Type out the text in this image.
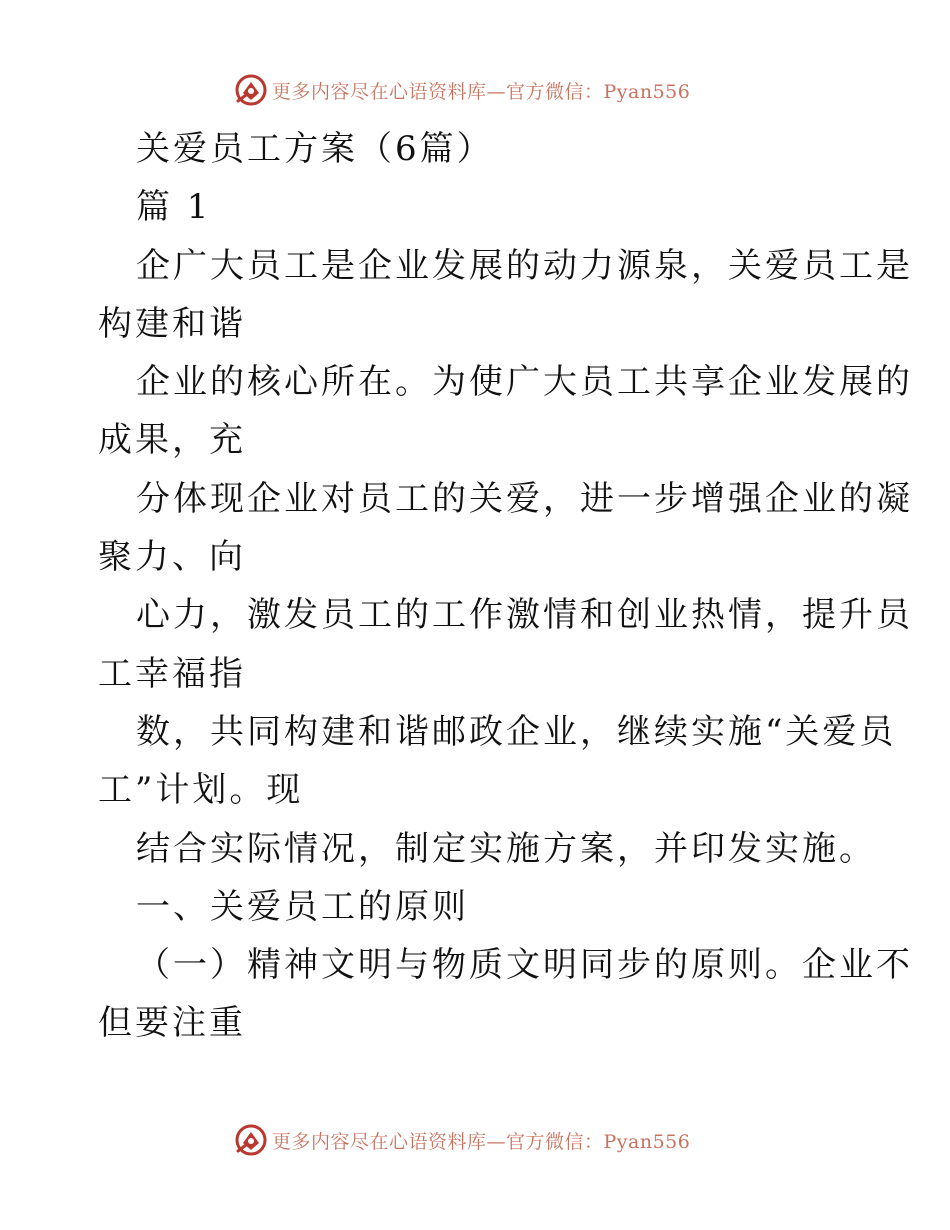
更多内容尽在心语资料库—官方微信：Pyan556
关爱员工方案（6篇）
篇 1
企广大员工是企业发展的动力源泉，关爱员工是
构建和谐
企业的核心所在。为使广大员工共享企业发展的
成果，充
分体现企业对员工的关爱，进一步增强企业的凝
聚力、向
心力，激发员工的工作激情和创业热情，提升员
工幸福指
数，共同构建和谐邮政企业，继续实施“关爱员
工”计划。现
结合实际情况，制定实施方案，并印发实施。
一、关爱员工的原则
（一）精神文明与物质文明同步的原则。企业不
但要注重
更多内容尽在心语资料库—官方微信：Pyan556
